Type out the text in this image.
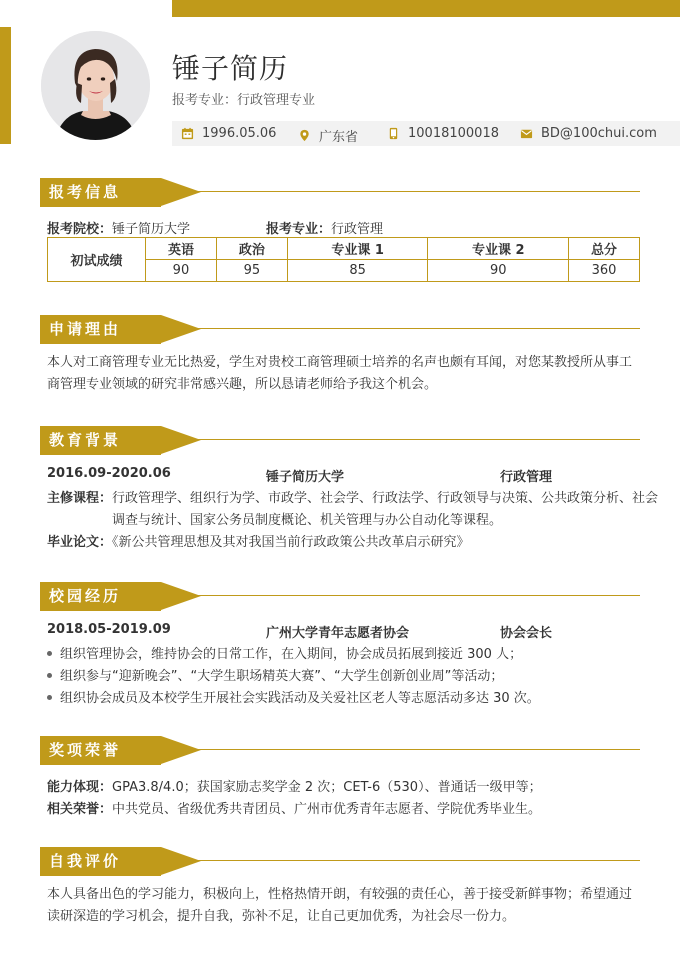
锤子简历
报考专业：行政管理专业
1996.05.06	广东省	10018100018	BD@100chui.com
报考信息
报考院校：锤子简历大学	报考专业：行政管理
初试成绩	英语	政治	专业课 1	专业课 2	总分
	90	95	85	90	360
申请理由
本人对工商管理专业无比热爱，学生对贵校工商管理硕士培养的名声也颇有耳闻，对您某教授所从事工商管理专业领域的研究非常感兴趣，所以恳请老师给予我这个机会。
教育背景
2016.09-2020.06	锤子简历大学	行政管理
主修课程：行政管理学、组织行为学、市政学、社会学、行政法学、行政领导与决策、公共政策分析、社会
调查与统计、国家公务员制度概论、机关管理与办公自动化等课程。
毕业论文：《新公共管理思想及其对我国当前行政政策公共改革启示研究》
校园经历
2018.05-2019.09	广州大学青年志愿者协会	协会会长
组织管理协会，维持协会的日常工作，在入期间，协会成员拓展到接近 300 人；
组织参与“迎新晚会”、“大学生职场精英大赛”、“大学生创新创业周”等活动；
组织协会成员及本校学生开展社会实践活动及关爱社区老人等志愿活动多达 30 次。
奖项荣誉
能力体现：GPA3.8/4.0；获国家励志奖学金 2 次；CET-6（530）、普通话一级甲等；
相关荣誉：中共党员、省级优秀共青团员、广州市优秀青年志愿者、学院优秀毕业生。
自我评价
本人具备出色的学习能力，积极向上，性格热情开朗，有较强的责任心，善于接受新鲜事物；希望通过读研深造的学习机会，提升自我，弥补不足，让自己更加优秀，为社会尽一份力。
